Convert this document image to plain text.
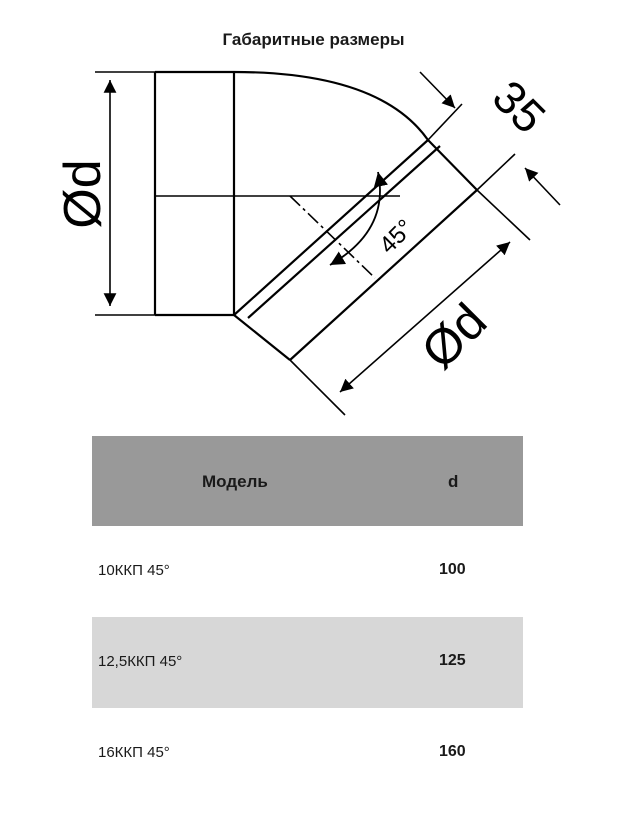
Габаритные размеры
Ød
35
45°
Ød
Модель	d
10ККП 45°	100
12,5ККП 45°	125
16ККП 45°	160
